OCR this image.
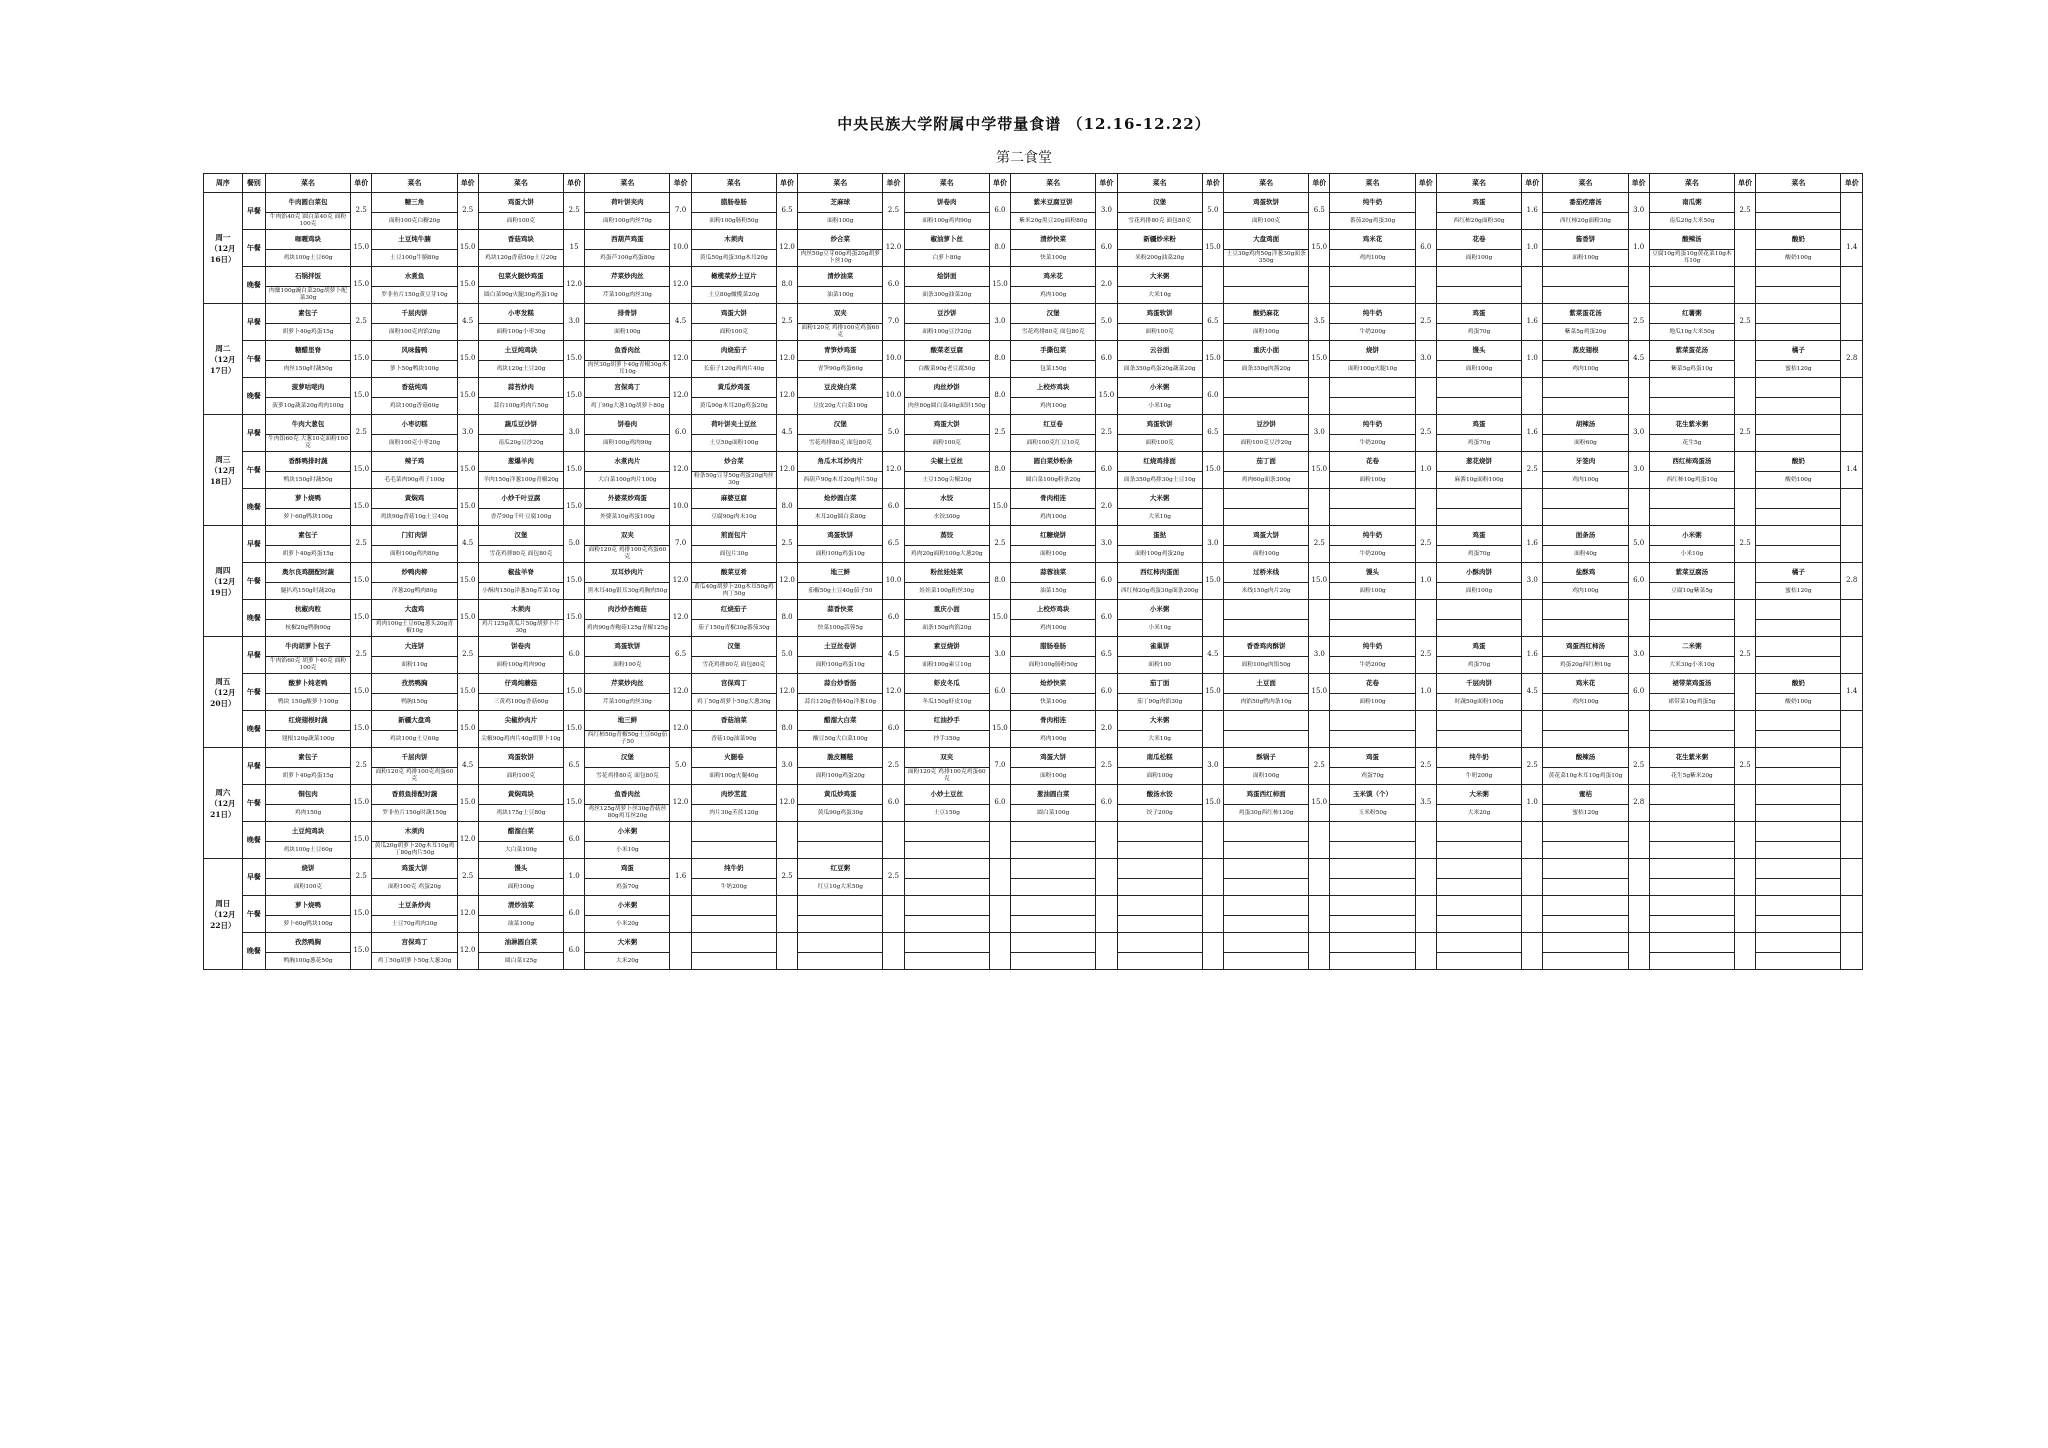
中央民族大学附属中学带量食谱 （12.16-12.22）
第二食堂
周序	餐别	菜名	单价	菜名	单价	菜名	单价	菜名	单价	菜名	单价	菜名	单价	菜名	单价	菜名	单价	菜名	单价	菜名	单价	菜名	单价	菜名	单价	菜名	单价	菜名	单价	菜名	单价
周一
（12月16日）	早餐	牛肉圆白菜包	2.5	糖三角	2.5	鸡蛋大饼	2.5	荷叶饼夹肉	7.0	腊肠卷肠	6.5	芝麻球	2.5	饼卷肉	6.0	紫米豆腐豆饼	3.0	汉堡	5.0	鸡蛋软饼	6.5	纯牛奶		鸡蛋	1.6	番茄疙瘩汤	3.0	南瓜粥	2.5		
		牛肉馅40克 圆白菜40克 面粉100克		面粉100克白糖20g		面粉100克		面粉100g肉丝70g		面粉100g肠粉50g		面粉100g		面粉100g鸡肉90g		紫米20g黑豆20g面粉80g		雪花鸡排80克 面包80克		面粉100克		番茄20g鸡蛋30g		西红柿20g面粉30g		西红柿20g面粉30g		南瓜20g大米50g			
	午餐	咖喱鸡块	15.0	土豆炖牛腩	15.0	香菇鸡块	15	西葫芦鸡蛋	10.0	木须肉	12.0	炒合菜	12.0	椒油萝卜丝	8.0	清炒快菜	6.0	新疆炒米粉	15.0	大盘鸡面	15.0	鸡米花	6.0	花卷	1.0	酱香饼	1.0	酸辣汤		酸奶	1.4
		鸡块100g土豆60g		土豆100g牛腩80g		鸡块120g香菇50g土豆20g		鸡蛋芦100g鸡蛋80g		黄瓜50g鸡蛋30g木耳20g		肉丝50g豆芽60g鸡蛋20g胡萝卜丝10g		白萝卜80g		快菜100g		米粉200g油菜20g		土豆30g鸡肉50g洋葱30g面条350g		鸡肉100g		面粉100g		面粉100g		豆腐10g鸡蛋10g黄花菜10g木耳10g		酸奶100g	
	晚餐	石锅拌饭	15.0	水煮鱼	15.0	包菜火腿炒鸡蛋	12.0	芹菜炒肉丝	12.0	橄榄菜炒土豆片	8.0	清炒油菜	6.0	烩饼面	15.0	鸡米花	2.0	大米粥													
		肉糜100g豌白菜20g胡萝卜配菜30g		罗非鱼片150g黄豆芽10g		圆白菜90g火腿30g鸡蛋10g		芹菜100g肉丝30g		土豆80g橄榄菜20g		油菜100g		面条300g油菜20g		鸡肉100g		大米10g													
周二
（12月17日）	早餐	素包子	2.5	千层肉饼	4.5	小枣发糕	3.0	排骨饼	4.5	鸡蛋大饼	2.5	双夹	7.0	豆沙饼	3.0	汉堡	5.0	鸡蛋软饼	6.5	酸奶麻花	3.5	纯牛奶	2.5	鸡蛋	1.6	紫菜蛋花汤	2.5	红薯粥	2.5		
		胡萝卜40g鸡蛋15g		面粉100克肉馅20g		面粉100g小枣30g		面粉100g		面粉100克		面粉120克 鸡排100克鸡蛋60克		面粉100g豆沙20g		雪花鸡排80克 面包80克		面粉100克		面粉100g		牛奶200g		鸡蛋70g		紫菜5g鸡蛋20g		地瓜10g大米50g			
	午餐	糖醋里脊	15.0	风味酱鸭	15.0	土豆炖鸡块	15.0	鱼香肉丝	12.0	肉烧茄子	12.0	青笋炒鸡蛋	10.0	酸菜老豆腐	8.0	手撕包菜	6.0	云谷面	15.0	重庆小面	15.0	烧饼	3.0	馒头	1.0	蒸皮翅根	4.5	紫菜蛋花汤		橘子	2.8
		肉丝150g时蔬50g		萝卜50g鸭块100g		鸡块120g土豆20g		肉丝30g胡萝卜40g青椒30g木耳10g		长茄子120g鸡肉片40g		青笋90g鸡蛋60g		白酸菜90g老豆腐50g		包菜150g		面条350g鸡蛋20g蔬菜20g		面条350g肉酱20g		面粉100g火腿10g		面粉100g		鸡肉100g		紫菜5g鸡蛋10g		蜜桔120g	
	晚餐	菠萝咕咾肉	15.0	香菇炖鸡	15.0	蒜苔炒肉	15.0	宫保鸡丁	12.0	黄瓜炒鸡蛋	12.0	豆皮烧白菜	10.0	肉丝炒饼	8.0	上校炸鸡块	15.0	小米粥	6.0												
		菠萝10g蔬菜20g鸡肉100g		鸡块100g香菇60g		蒜台100g鸡肉片50g		鸡丁90g大葱10g胡萝卜80g		黄瓜90g木耳20g鸡蛋20g		豆皮20g大白菜100g		肉丝80g圆白菜40g面饼150g		鸡肉100g		小米10g													
周三
（12月18日）	早餐	牛肉大葱包	2.5	小枣切糕	3.0	蔬瓜豆沙饼	3.0	饼卷肉	6.0	荷叶饼夹土豆丝	4.5	汉堡	5.0	鸡蛋大饼	2.5	红豆卷	2.5	鸡蛋软饼	6.5	豆沙饼	3.0	纯牛奶	2.5	鸡蛋	1.6	胡辣汤	3.0	花生紫米粥	2.5		
		牛肉馅60克 大葱10克面粉100克		面粉100克小枣20g		南瓜20g豆沙20g		面粉100g鸡肉90g		土豆50g面粉100g		雪花鸡排80克 面包80克		面粉100克		面粉100克红豆10克		面粉100克		面粉100克豆沙20g		牛奶200g		鸡蛋70g		面粉60g		花生5g			
	午餐	香酥鸭排时蔬	15.0	辣子鸡	15.0	葱爆羊肉	15.0	水煮肉片	12.0	炒合菜	12.0	角瓜木耳炒肉片	12.0	尖椒土豆丝	8.0	圆白菜炒粉条	6.0	红烧鸡排面	15.0	茄丁面	15.0	花卷	1.0	葱花烧饼	2.5	牙签肉	3.0	西红柿鸡蛋汤		酸奶	1.4
		鸭块150g时蔬50g		毛毛菜肉90g鸡子100g		羊肉150g洋葱100g青椒20g		大白菜100g肉片100g		粉条50g豆芽50g鸡蛋20g肉丝30g		西葫芦90g木耳20g肉片50g		土豆150g尖椒20g		圆白菜100g粉条20g		面条350g鸡排30g土豆10g		鸡肉60g面条300g		面粉100g		麻酱10g面粉100g		鸡肉100g		西红柿10g鸡蛋10g		酸奶100g	
	晚餐	萝卜烧鸭	15.0	黄焖鸡	15.0	小炒千叶豆腐	15.0	外婆菜炒鸡蛋	10.0	麻婆豆腐	8.0	炝炒圆白菜	6.0	水饺	15.0	骨肉相连	2.0	大米粥													
		萝卜60g鸭块100g		鸡块90g香菇10g土豆40g		香芹90g千叶豆腐100g		外婆菜10g鸡蛋100g		豆腐90g肉末10g		木耳20g圆白菜80g		水饺300g		鸡肉100g		大米10g													
周四
（12月19日）	早餐	素包子	2.5	门钉肉饼	4.5	汉堡	5.0	双夹	7.0	煎面包片	2.5	鸡蛋软饼	6.5	蒸饺	2.5	红糖烧饼	3.0	蛋挞	3.0	鸡蛋大饼	2.5	纯牛奶	2.5	鸡蛋	1.6	面条汤	5.0	小米粥	2.5		
		胡萝卜40g鸡蛋15g		面粉100g鸡肉80g		雪花鸡排80克 面包80克		面粉120克 鸡排100克鸡蛋60克		面包片30g		面粉100g鸡蛋10g		鸡肉20g面粉100g大葱20g		面粉100g		面粉100g鸡蛋20g		面粉100g		牛奶200g		鸡蛋70g		面粉40g		小米10g			
	午餐	奥尔良鸡腿配时蔬	15.0	炒鸭肉柳	15.0	椒盐羊脊	15.0	双耳炒肉片	12.0	酸菜豆肴	12.0	地三鲜	10.0	粉丝娃娃菜	8.0	蒜蓉油菜	6.0	西红柿肉蛋面	15.0	过桥米线	15.0	馒头	1.0	小酥肉饼	3.0	盐酥鸡	6.0	紫菜豆腐汤		橘子	2.8
		腿扒鸡150g时蔬20g		洋葱20g鸭肉80g		小酥肉150g洋葱50g芹菜10g		黑木耳40g银耳30g鸡胸肉50g		黄瓜40g胡萝卜20g木耳50g鸡肉丁50g		茄椒50g土豆40g茄子50		娃娃菜100g粉丝30g		油菜150g		西红柿20g鸡蛋30g面条200g		米线150g肉片20g		面粉100g		面粉100g		鸡肉100g		豆腐10g紫菜5g		蜜桔120g	
	晚餐	杭椒肉粒	15.0	大盘鸡	15.0	木须肉	15.0	肉沙炒杏鲍菇	12.0	红烧茄子	8.0	蒜香快菜	6.0	重庆小面	15.0	上校炸鸡块	6.0	小米粥													
		杭椒20g鸭胸90g		鸡肉100g土豆60g葱头20g青椒10g		鸡片125g黄瓜片50g胡萝卜片30g		鸡肉90g杏鲍菇125g青椒125g		茄子150g青椒30g番茄30g		快菜100g蒜蓉5g		面条150g肉馅20g		鸡肉100g		小米10g													
周五
（12月20日）	早餐	牛肉胡萝卜包子	2.5	大连饼	2.5	饼卷肉	6.0	鸡蛋软饼	6.5	汉堡	5.0	土豆丝卷饼	4.5	素豆烧饼	3.0	腊肠卷肠	6.5	雀巢饼	4.5	香香鸡肉酥饼	3.0	纯牛奶	2.5	鸡蛋	1.6	鸡蛋西红柿汤	3.0	二米粥	2.5		
		牛肉馅60克 胡萝卜40克 面粉100克		面粉110g		面粉100g鸡肉90g		面粉100克		雪花鸡排80克 面包80克		面粉100g鸡蛋10g		面粉100g素豆10g		面粉100g肠粉50g		面粉100		面粉100g肉馅50g		牛奶200g		鸡蛋70g		鸡蛋20g西红柿10g		大米30g小米10g			
	午餐	酸萝卜炖老鸭	15.0	孜然鸭胸	15.0	仔鸡炖蘑菇	15.0	芹菜炒肉丝	12.0	宫保鸡丁	12.0	蒜台炒香肠	12.0	虾皮冬瓜	6.0	炝炒快菜	6.0	茄丁面	15.0	土豆面	15.0	花卷	1.0	千层肉饼	4.5	鸡米花	6.0	裙带菜鸡蛋汤		酸奶	1.4
		鸭块 150g酸萝卜100g		鸭胸150g		三黄鸡100g香菇60g		芹菜100g肉丝30g		鸡丁50g胡萝卜50g大葱30g		蒜台120g香肠40g洋葱10g		冬瓜150g虾皮10g		快菜100g		茄丁90g肉馅30g		肉馅50g鸭肉条10g		面粉100g		时蔬50g面粉100g		鸡肉100g		裙带菜10g鸡蛋5g		酸奶100g	
	晚餐	红烧翅根时蔬	15.0	新疆大盘鸡	15.0	尖椒炒肉片	15.0	地三鲜	12.0	香菇油菜	8.0	醋溜大白菜	6.0	红油抄手	15.0	骨肉相连	2.0	大米粥													
		翅根120g蔬菜100g		鸡块100g土豆60g		尖椒90g鸡肉片40g胡萝卜10g		西红柿50g青椒50g土豆60g茄子50		香菇10g油菜90g		酸豆50g大白菜100g		抄手350g		鸡肉100g		大米10g													
周六
（12月21日）	早餐	素包子	2.5	千层肉饼	4.5	鸡蛋软饼	6.5	汉堡	5.0	火腿卷	3.0	脆皮糯糍	2.5	双夹	7.0	鸡蛋大饼	2.5	南瓜松糕	3.0	酥锅子	2.5	鸡蛋	2.5	纯牛奶	2.5	酸辣汤	2.5	花生紫米粥	2.5		
		胡萝卜40g鸡蛋15g		面粉120克 鸡排100克鸡蛋60克		面粉100克		雪花鸡排80克 面包80克		面粉100g火腿40g		面粉100g鸡蛋20g		面粉120克 鸡排100克鸡蛋60克		面粉100g		面粉100g		面粉100g		鸡蛋70g		牛奶200g		黄花菜10g木耳10g鸡蛋10g		花生5g紫米20g			
	午餐	铜包肉	15.0	香煎鱼排配时蔬	15.0	黄焖鸡块	15.0	鱼香肉丝	12.0	肉炒苤蓝	12.0	黄瓜炒鸡蛋	6.0	小炒土豆丝	6.0	葱油圆白菜	6.0	酸汤水饺	15.0	鸡蛋西红柿面	15.0	玉米馍（个）	3.5	大米粥	1.0	蜜桔	2.8				
		鸡肉150g		罗非鱼片150g时蔬150g		鸡块175g土豆80g		鸡丝125g胡萝卜丝30g香菇丝80g鸡耳丝20g		肉片30g苤蓝120g		黄瓜90g鸡蛋30g		土豆150g		圆白菜100g		饺子200g		鸡蛋30g西红柿120g		玉米粉50g		大米20g		蜜桔120g					
	晚餐	土豆炖鸡块	15.0	木须肉	12.0	醋溜白菜	6.0	小米粥																							
		鸡块100g土豆60g		黄瓜20g胡萝卜20g木耳10g鸡丁80g肉片50g		大白菜100g		小米10g																							
周日
（12月22日）	早餐	烧饼	2.5	鸡蛋大饼	2.5	馒头	1.0	鸡蛋	1.6	纯牛奶	2.5	红豆粥	2.5																		
		面粉100克		面粉100克 鸡蛋20g		面粉100g		鸡蛋70g		牛奶200g		红豆10g大米50g																			
	午餐	萝卜烧鸭	15.0	土豆条炒肉	12.0	清炒油菜	6.0	小米粥																							
		萝卜60g鸭块100g		土豆70g鸡肉30g		油菜100g		小米20g																							
	晚餐	孜然鸭胸	15.0	宫保鸡丁	12.0	油淋圆白菜	6.0	大米粥																							
		鸭胸100g葱花50g		鸡丁50g胡萝卜50g大葱30g		圆白菜125g		大米20g																							
